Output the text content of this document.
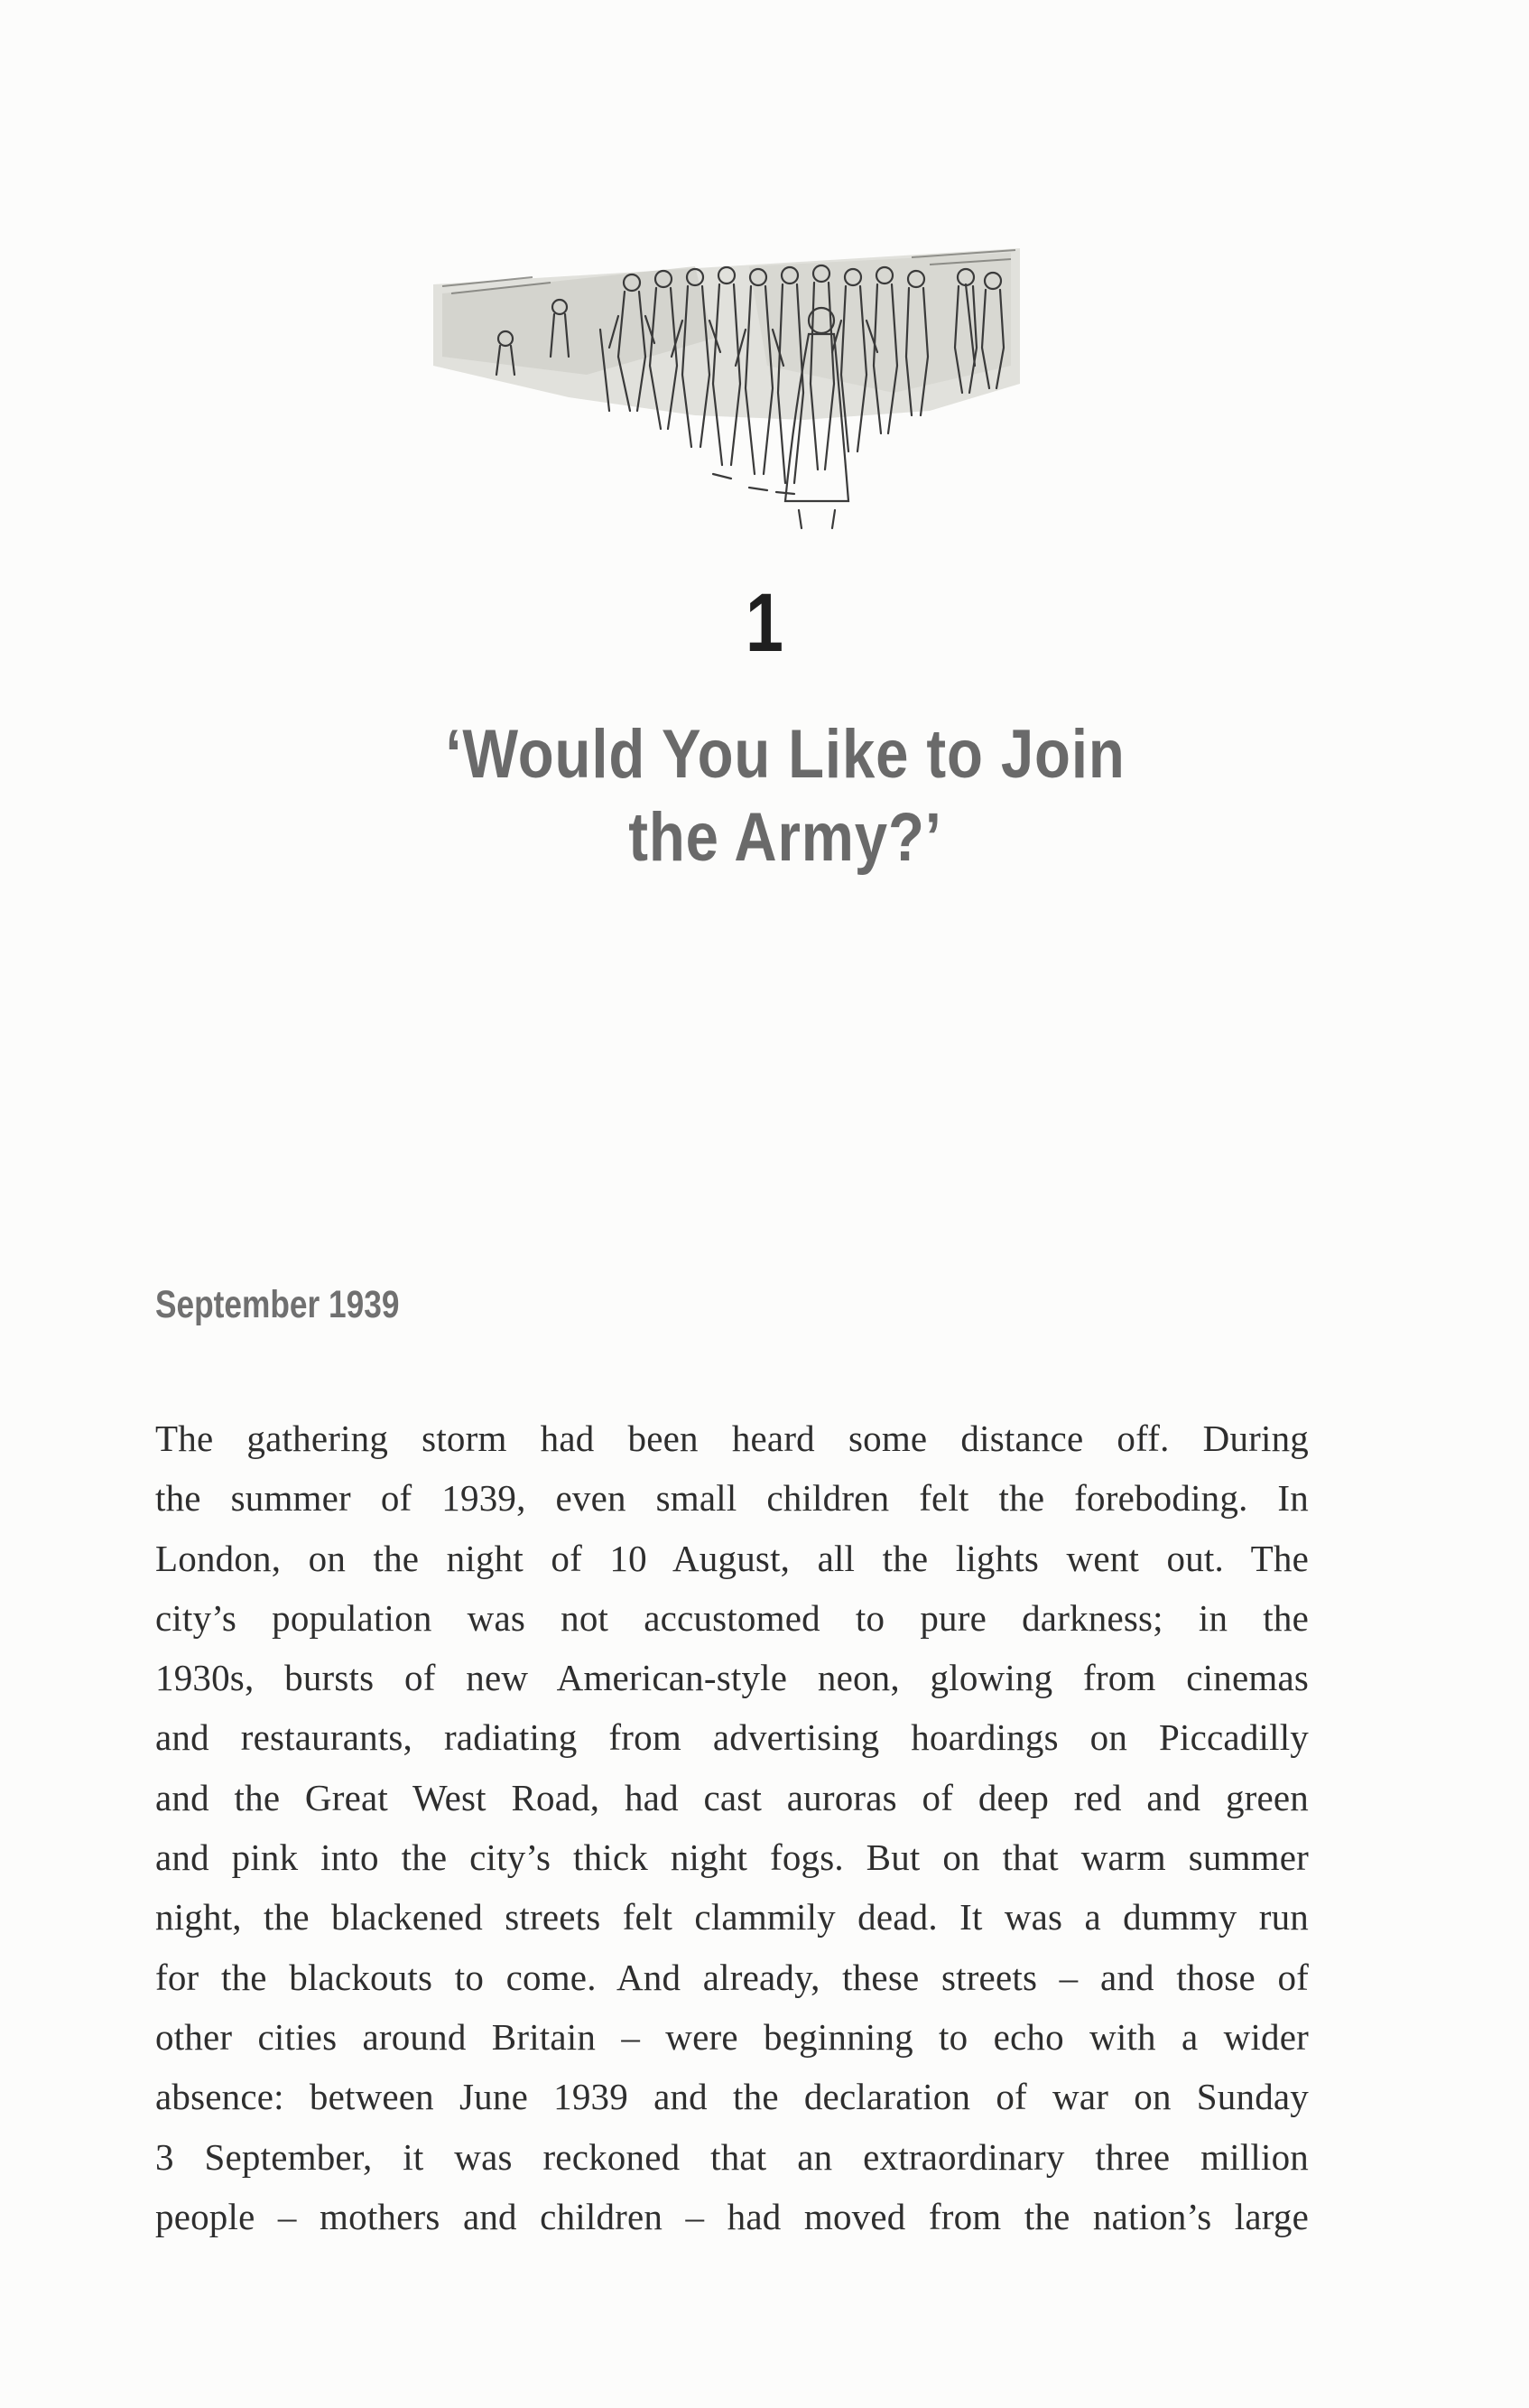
1
‘Would You Like to Join
the Army?’
September 1939
The gathering storm had been heard some distance off. During
the summer of 1939, even small children felt the foreboding. In
London, on the night of 10 August, all the lights went out. The
city’s population was not accustomed to pure darkness; in the
1930s, bursts of new American-style neon, glowing from cinemas
and restaurants, radiating from advertising hoardings on Piccadilly
and the Great West Road, had cast auroras of deep red and green
and pink into the city’s thick night fogs. But on that warm summer
night, the blackened streets felt clammily dead. It was a dummy run
for the blackouts to come. And already, these streets – and those of
other cities around Britain – were beginning to echo with a wider
absence: between June 1939 and the declaration of war on Sunday
3 September, it was reckoned that an extraordinary three million
people – mothers and children – had moved from the nation’s large
